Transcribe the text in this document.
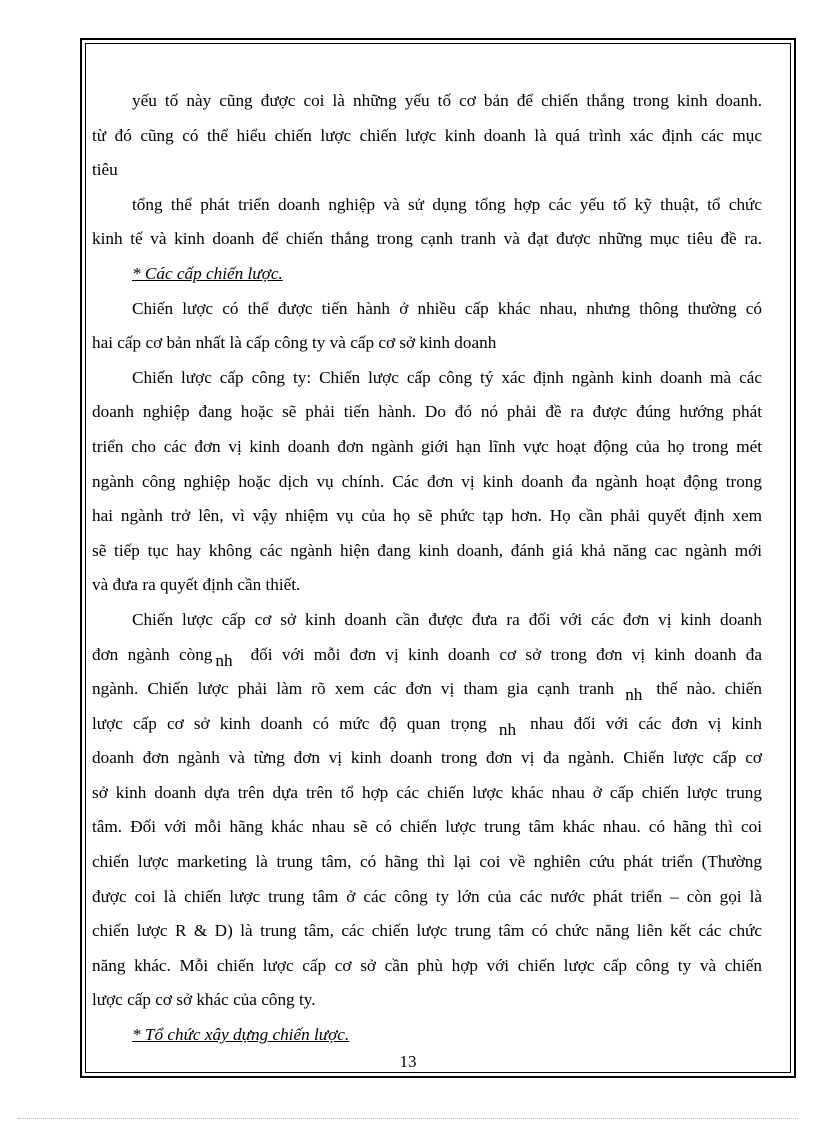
yếu tố này cũng được coi là những yếu tố cơ bản để chiến thắng trong kinh doanh.

từ đó cũng có thể hiểu chiến lược chiến lược kinh doanh là quá trình xác định các mục

tiêu

tổng thể phát triển doanh nghiệp và sử dụng tổng hợp các yếu tố kỹ thuật, tổ chức

kinh tế và kinh doanh để chiến thắng trong cạnh tranh và đạt được những mục tiêu đề ra.

* Các cấp chiến lược.

Chiến lược có thể được tiến hành ở nhiều cấp khác nhau, nhưng thông thường có

hai cấp cơ bản nhất là cấp công ty và cấp cơ sở kinh doanh

Chiến lược cấp công ty: Chiến lược cấp công tý xác định ngành kinh doanh mà các

doanh nghiệp đang hoặc sẽ phải tiến hành. Do đó nó phải đề ra được đúng hướng phát

triển cho các đơn vị kinh doanh đơn ngành giới hạn lĩnh vực hoạt động của họ trong mét

ngành công nghiệp hoặc dịch vụ chính. Các đơn vị kinh doanh đa ngành hoạt động trong

hai ngành trở lên, vì vậy nhiệm vụ của họ sẽ phức tạp hơn. Họ cần phải quyết định xem

sẽ tiếp tục hay không các ngành hiện đang kinh doanh, đánh giá khả năng cac ngành mới

và đưa ra quyết định cần thiết.

Chiến lược cấp cơ sở kinh doanh cần được đưa ra đối với các đơn vị kinh doanh

đơn ngành còng nh đối với mỗi đơn vị kinh doanh cơ sở trong đơn vị kinh doanh đa

ngành. Chiến lược phải làm rõ xem các đơn vị tham gia cạnh tranh nh thế nào. chiến

lược cấp cơ sở kinh doanh có mức độ quan trọng nh nhau đối với các đơn vị kinh

doanh đơn ngành và từng đơn vị kinh doanh trong đơn vị đa ngành. Chiến lược cấp cơ

sở kinh doanh dựa trên dựa trên tổ hợp các chiến lược khác nhau ở cấp chiến lược trung

tâm. Đối với mỗi hãng khác nhau sẽ có chiến lược trung tâm khác nhau. có hãng thì coi

chiến lược marketing là trung tâm, có hãng thì lại coi về nghiên cứu phát triển (Thường

được coi là chiến lược trung tâm ở các công ty lớn của các nước phát triển – còn gọi là

chiến lược R & D) là trung tâm, các chiến lược trung tâm có chức năng liên kết các chức

năng khác. Mỗi chiến lược cấp cơ sở cần phù hợp với chiến lược cấp công ty và chiến

lược cấp cơ sở khác của công ty.

* Tổ chức xây dựng chiến lược.

13
